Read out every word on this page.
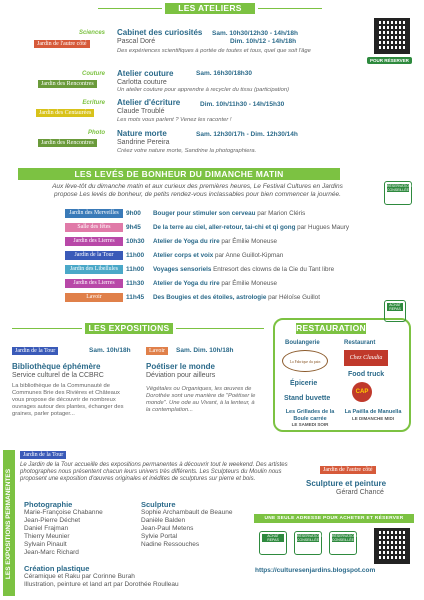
LES ATELIERS
POUR RÉSERVER
Sciences
Jardin de l'autre côté
Cabinet des curiosités
Pascal Doré
Sam. 10h30/12h30 - 14h/18h
Dim. 10h/12 - 14h/18h
Des expériences scientifiques à portée de toutes et tous, quel que soit l'âge
Couture
Jardin des Rencontres
Atelier couture
Carlotta couture
Sam. 16h30/18h30
Un atelier couture pour apprendre à recycler du tissu (participation)
Ecriture
Jardin des Centaurées
Atelier d'écriture
Claude Troublé
Dim. 10h/11h30 - 14h/15h30
Les mots vous parlent ? Venez les raconter !
Photo
Jardin des Rencontres
Nature morte
Sandrine Pereira
Sam. 12h30/17h - Dim. 12h30/14h
Créez votre nature morte, Sandrine la photographiera.
LES LEVÉS DE BONHEUR DU DIMANCHE MATIN
RÉSERVATION CONSEILLÉE
Aux lève-tôt du dimanche matin et aux curieux des premières heures, Le Festival Cultures en Jardins
propose Les levés de bonheur, de petits rendez-vous inclassables pour bien commencer la journée.
Jardin des Merveilles	9h00 Bouger pour stimuler son cerveau par Marion Cléris
Salle des fêtes	9h45 De la terre au ciel, aller-retour, tai-chi et qi gong par Hugues Maury
Jardin des Lierres	10h30 Atelier de Yoga du rire par Émilie Moneuse
Jardin de la Tour	11h00 Atelier corps et voix par Anne Guillot-Kipman
Jardin des Libellules	11h00 Voyages sensoriels Entresort des clowns de la Cie du Tant libre
Jardin des Lierres	11h30 Atelier de Yoga du rire par Émilie Moneuse
Lavoir	11h45 Des Bougies et des étoiles, astrologie par Héloïse Guillot
LES EXPOSITIONS
Jardin de la Tour	Sam. 10h/18h
Bibliothèque éphémère
Service culturel de la CCBRC
La bibliothèque de la Communauté de Communes Brie des Rivières et Châteaux vous propose de découvrir de nombreux ouvrages autour des plantes, échanger des graines, parler potager...
Lavoir	Sam. Dim. 10h/18h
Poétiser le monde
Déviation pour ailleurs
Végétales ou Organiques, les œuvres de Dorothée sont une manière de "Poétiser le monde". Une ode au Vivant, à la lenteur, à la contemplation...
ACHAT REPAS
RESTAURATION
Boulangerie
La Fabrique du pain
Restaurant
Chez Claudia
Épicerie
Food truck
CAP
Stand buvette
Les Grillades de la Boule carrée
LE SAMEDI SOIR
La Paëlla de Manuella
LE DIMANCHE MIDI
LES EXPOSITIONS PERMANENTES
Jardin de la Tour
Le Jardin de la Tour accueille des expositions permanentes à découvrir tout le weekend. Des artistes photographes nous présentent chacun leurs univers très différents. Les Sculpteurs du Moulin nous proposent une exposition d'œuvres originales et inédites de sculptures sur pierre et bois.
Photographie
Marie-Françoise Chabanne
Jean-Pierre Déchet
Daniel Frajman
Thierry Meunier
Sylvain Pinault
Jean-Marc Richard
Sculpture
Sophie Archambault de Beaune
Danièle Balden
Jean-Paul Metens
Sylvie Portal
Nadine Ressouches
Création plastique
Céramique et Raku par Corinne Burah
Illustration, peinture et land art par Dorothée Roulleau
Jardin de l'autre côté
Sculpture et peinture
Gérard Chancé
UNE SEULE ADRESSE POUR ACHETER ET RÉSERVER
ACHAT REPAS
RÉSERVATION CONSEILLÉE
RÉSERVATION CONSEILLÉE
https://culturesenjardins.blogspot.com
